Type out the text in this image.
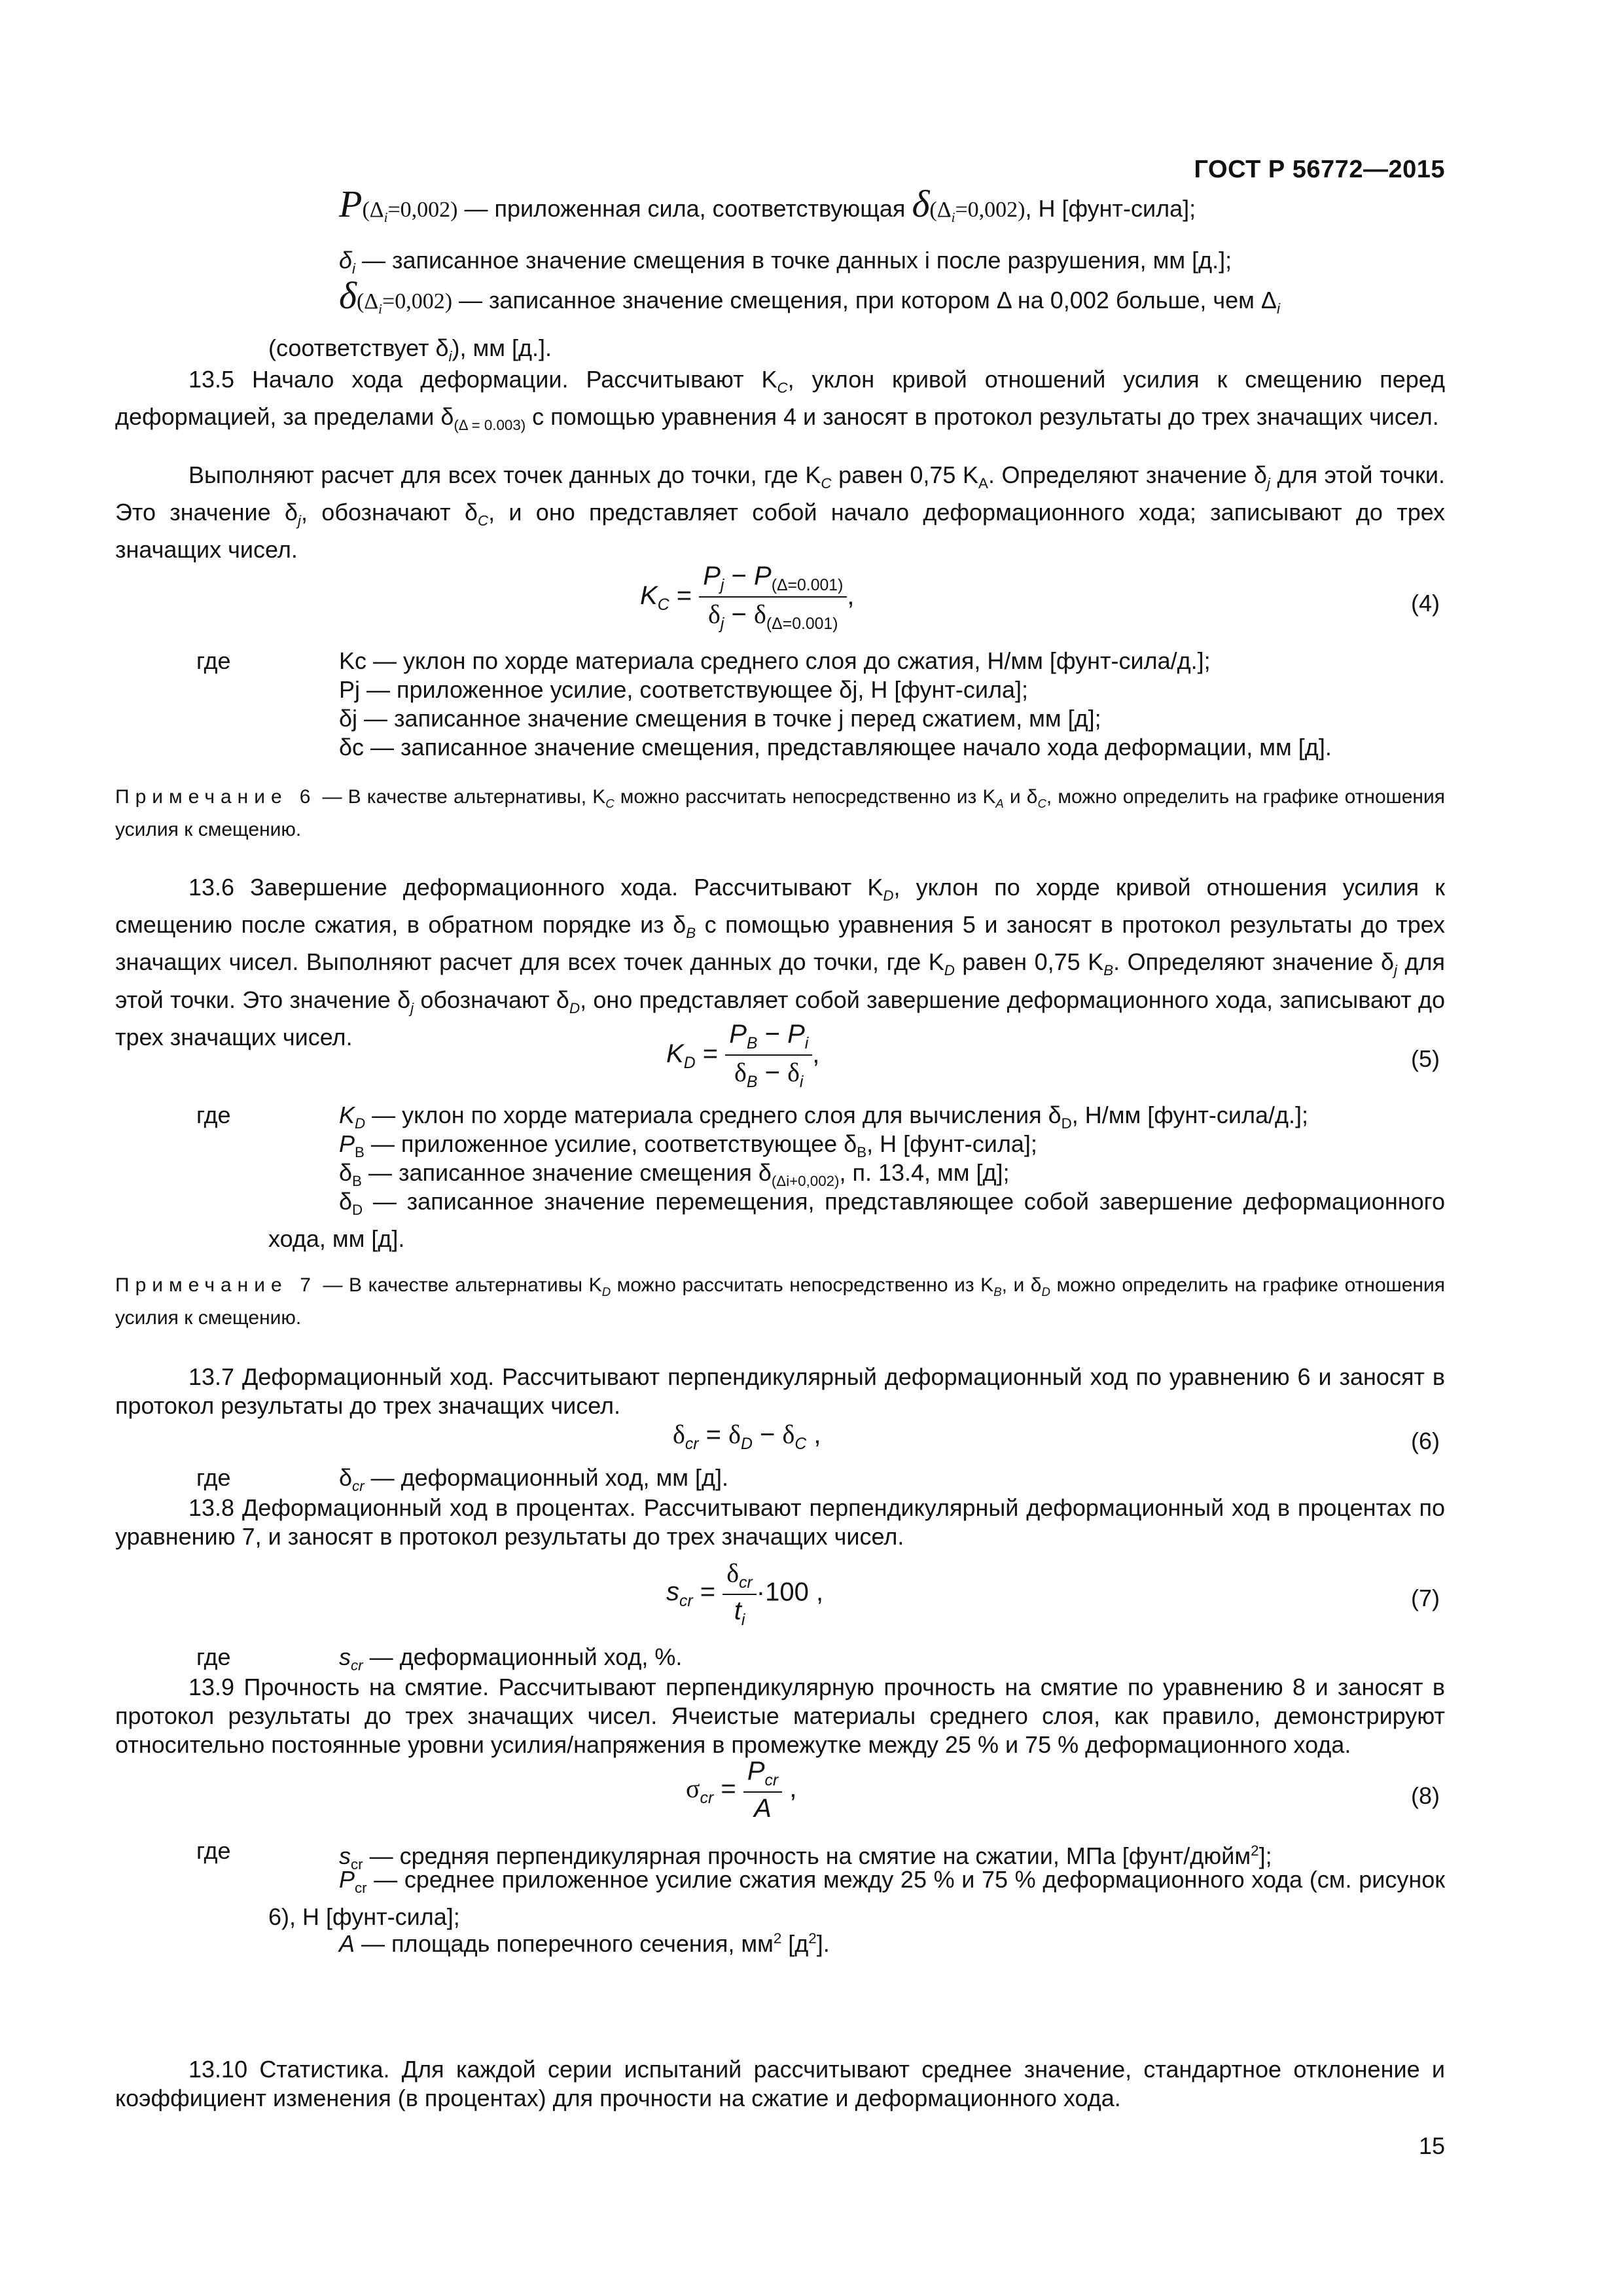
ГОСТ Р 56772—2015
$P(\Delta_i=0,002)$ — приложенная сила, соответствующая $\delta(\Delta_i=0,002)$, Н [фунт-сила];
$\delta_i$ — записанное значение смещения в точке данных i после разрушения, мм [д.];
$\delta(\Delta_i=0,002)$ — записанное значение смещения, при котором Δ на 0,002 больше, чем $\Delta_i$
(соответствует $\delta_i$), мм [д.].
13.5 Начало хода деформации. Рассчитывают $K_C$, уклон кривой отношений усилия к смещению перед деформацией, за пределами $\delta_{(\Delta = 0.003)}$ с помощью уравнения 4 и заносят в протокол результаты до трех значащих чисел.
Выполняют расчет для всех точек данных до точки, где $K_C$ равен 0,75 $K_A$. Определяют значение $\delta_j$ для этой точки. Это значение $\delta_j$, обозначают $\delta_C$, и оно представляет собой начало деформационного хода; записывают до трех значащих чисел.
$K_C = \frac{P_j - P_{(\Delta=0.001)}}{\delta_j - \delta_{(\Delta=0.001)}}$ ,	(4)
где	Kc — уклон по хорде материала среднего слоя до сжатия, Н/мм [фунт-сила/д.];
Pj — приложенное усилие, соответствующее δj, Н [фунт-сила];
δj — записанное значение смещения в точке j перед сжатием, мм [д];
δc — записанное значение смещения, представляющее начало хода деформации, мм [д].
Примечание 6 — В качестве альтернативы, $K_C$ можно рассчитать непосредственно из $K_A$ и $\delta_C$, можно определить на графике отношения усилия к смещению.
13.6 Завершение деформационного хода. Рассчитывают $K_D$, уклон по хорде кривой отношения усилия к смещению после сжатия, в обратном порядке из $\delta_B$ с помощью уравнения 5 и заносят в протокол результаты до трех значащих чисел. Выполняют расчет для всех точек данных до точки, где $K_D$ равен 0,75 $K_B$. Определяют значение $\delta_j$ для этой точки. Это значение $\delta_j$ обозначают $\delta_D$, оно представляет собой завершение деформационного хода, записывают до трех значащих чисел.
$K_D = \frac{P_B - P_i}{\delta_B - \delta_i}$ ,	(5)
где	$K_D$ — уклон по хорде материала среднего слоя для вычисления $\delta_D$, Н/мм [фунт-сила/д.];
$P_B$ — приложенное усилие, соответствующее $\delta_B$, Н [фунт-сила];
$\delta_B$ — записанное значение смещения $\delta_{(\Delta i+0,002)}$, п. 13.4, мм [д];
$\delta_D$ — записанное значение перемещения, представляющее собой завершение деформационного хода, мм [д].
Примечание 7 — В качестве альтернативы $K_D$ можно рассчитать непосредственно из $K_B$, и $\delta_D$ можно определить на графике отношения усилия к смещению.
13.7 Деформационный ход. Рассчитывают перпендикулярный деформационный ход по уравнению 6 и заносят в протокол результаты до трех значащих чисел.
$\delta_{cr} = \delta_D - \delta_C$ ,	(6)
где	$\delta_{cr}$ — деформационный ход, мм [д].
13.8 Деформационный ход в процентах. Рассчитывают перпендикулярный деформационный ход в процентах по уравнению 7, и заносят в протокол результаты до трех значащих чисел.
$s_{cr} = \frac{\delta_{cr}}{t_i} \cdot 100$ ,	(7)
где	$s_{cr}$ — деформационный ход, %.
13.9 Прочность на смятие. Рассчитывают перпендикулярную прочность на смятие по уравнению 8 и заносят в протокол результаты до трех значащих чисел. Ячеистые материалы среднего слоя, как правило, демонстрируют относительно постоянные уровни усилия/напряжения в промежутке между 25 % и 75 % деформационного хода.
$\sigma_{cr} = \frac{P_{cr}}{A}$ ,	(8)
где	$s_{cr}$ — средняя перпендикулярная прочность на смятие на сжатии, МПа [фунт/дюйм$^2$];
$P_{cr}$ — среднее приложенное усилие сжатия между 25 % и 75 % деформационного хода (см. рисунок 6), Н [фунт-сила];
A — площадь поперечного сечения, $мм^2$ $[д^2]$.
13.10 Статистика. Для каждой серии испытаний рассчитывают среднее значение, стандартное отклонение и коэффициент изменения (в процентах) для прочности на сжатие и деформационного хода.
15
